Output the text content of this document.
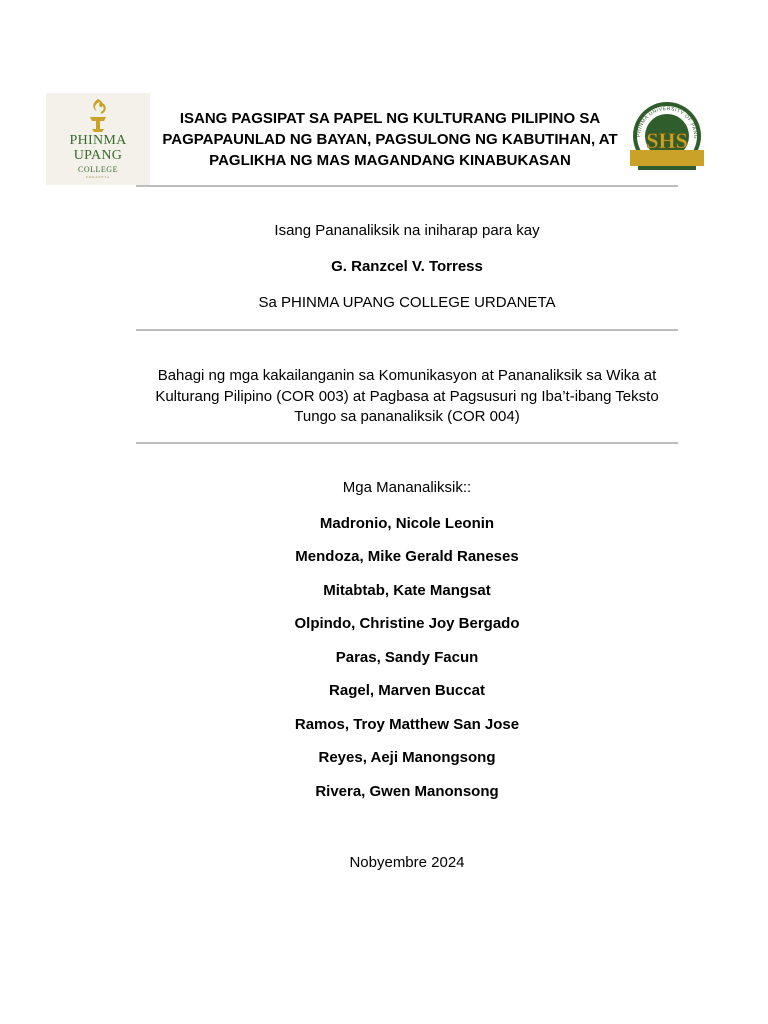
PHINMA
UPANG
COLLEGE
URDANETA
ISANG PAGSIPAT SA PAPEL NG KULTURANG PILIPINO SA PAGPAPAUNLAD NG BAYAN, PAGSULONG NG KABUTIHAN, AT PAGLIKHA NG MAS MAGANDANG KINABUKASAN
PHINMA UNIVERSITY OF PANG
SHS
Isang Pananaliksik na iniharap para kay
G. Ranzcel V. Torress
Sa PHINMA UPANG COLLEGE URDANETA
Bahagi ng mga kakailanganin sa Komunikasyon at Pananaliksik sa Wika at Kulturang Pilipino (COR 003) at Pagbasa at Pagsusuri ng Iba’t-ibang Teksto Tungo sa pananaliksik (COR 004)
Mga Mananaliksik::
Madronio, Nicole Leonin
Mendoza, Mike Gerald Raneses
Mitabtab, Kate Mangsat
Olpindo, Christine Joy Bergado
Paras, Sandy Facun
Ragel, Marven Buccat
Ramos, Troy Matthew San Jose
Reyes, Aeji Manongsong
Rivera, Gwen Manonsong
Nobyembre 2024
